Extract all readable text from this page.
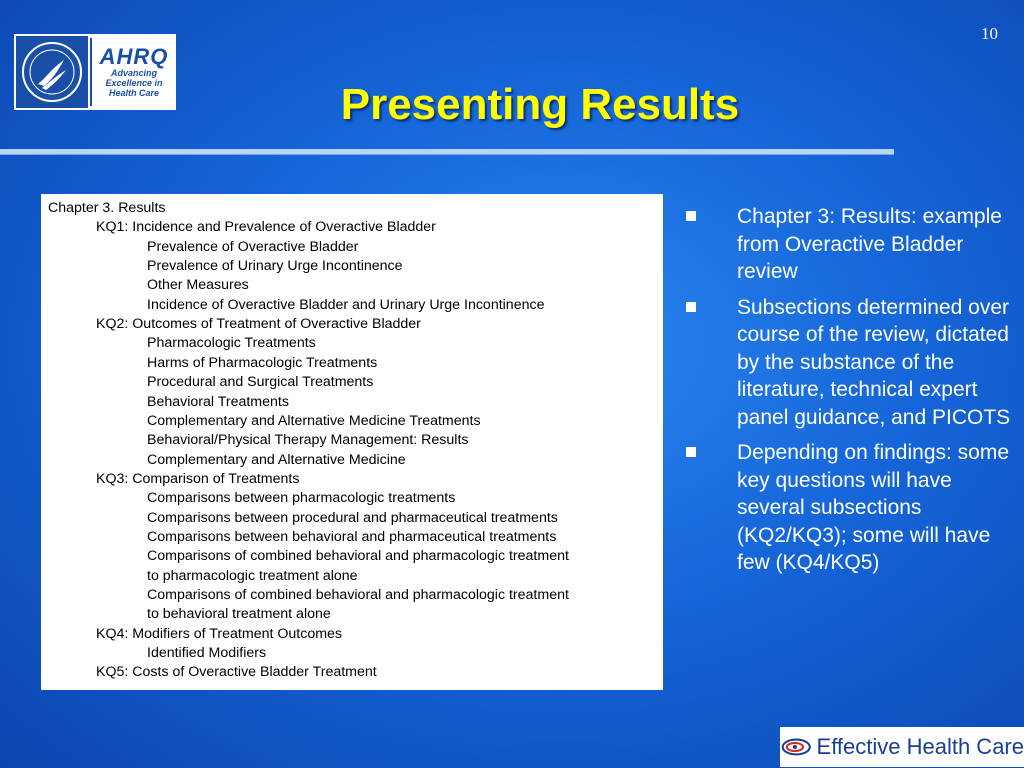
10
AHRQ
Advancing
Excellence in
Health Care	Presenting Results
Chapter 3. Results
KQ1: Incidence and Prevalence of Overactive Bladder
Prevalence of Overactive Bladder
Prevalence of Urinary Urge Incontinence
Other Measures
Incidence of Overactive Bladder and Urinary Urge Incontinence
KQ2: Outcomes of Treatment of Overactive Bladder
Pharmacologic Treatments
Harms of Pharmacologic Treatments
Procedural and Surgical Treatments
Behavioral Treatments
Complementary and Alternative Medicine Treatments
Behavioral/Physical Therapy Management: Results
Complementary and Alternative Medicine
KQ3: Comparison of Treatments
Comparisons between pharmacologic treatments
Comparisons between procedural and pharmaceutical treatments
Comparisons between behavioral and pharmaceutical treatments
Comparisons of combined behavioral and pharmacologic treatment
to pharmacologic treatment alone
Comparisons of combined behavioral and pharmacologic treatment
to behavioral treatment alone
KQ4: Modifiers of Treatment Outcomes
Identified Modifiers
KQ5: Costs of Overactive Bladder Treatment
Chapter 3: Results: example from Overactive Bladder review
Subsections determined over course of the review, dictated by the substance of the literature, technical expert panel guidance, and PICOTS
Depending on findings: some key questions will have several subsections (KQ2/KQ3); some will have few (KQ4/KQ5)
Effective Health Care
